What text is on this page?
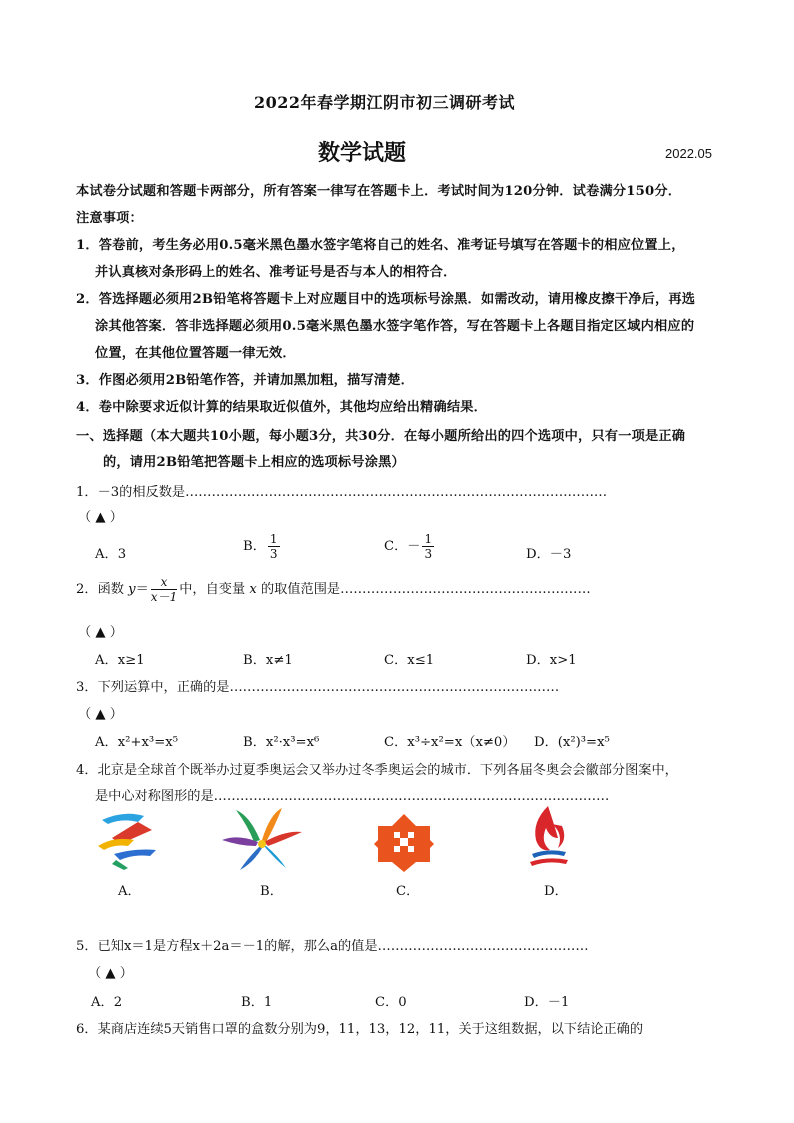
2022年春学期江阴市初三调研考试
数学试题	2022.05
本试卷分试题和答题卡两部分，所有答案一律写在答题卡上．考试时间为120分钟．试卷满分150分．
注意事项：
1．答卷前，考生务必用0.5毫米黑色墨水签字笔将自己的姓名、准考证号填写在答题卡的相应位置上，
并认真核对条形码上的姓名、准考证号是否与本人的相符合．
2．答选择题必须用2B铅笔将答题卡上对应题目中的选项标号涂黑．如需改动，请用橡皮擦干净后，再选
涂其他答案．答非选择题必须用0.5毫米黑色墨水签字笔作答，写在答题卡上各题目指定区域内相应的
位置，在其他位置答题一律无效．
3．作图必须用2B铅笔作答，并请加黑加粗，描写清楚．
4．卷中除要求近似计算的结果取近似值外，其他均应给出精确结果．
一、选择题（本大题共10小题，每小题3分，共30分．在每小题所给出的四个选项中，只有一项是正确
的，请用2B铅笔把答题卡上相应的选项标号涂黑）
1．－3的相反数是……………………………………………………………………………………
（ ▲ ）
A．3
B． $\frac{1}{3}$	C．－ $\frac{1}{3}$	D．－3
2．函数 $y= \frac{x}{x-1}$ 中，自变量 x 的取值范围是…………………………………………………
（ ▲ ）
A．x≥1	B．x≠1	C．x≤1	D．x>1
3．下列运算中，正确的是…………………………………………………………………
（ ▲ ）
A．x²+x³=x⁵	B．x²·x³=x⁶	C．x³÷x²=x（x≠0） D．(x²)³=x⁵
4．北京是全球首个既举办过夏季奥运会又举办过冬季奥运会的城市．下列各届冬奥会会徽部分图案中，
是中心对称图形的是………………………………………………………………………………
A．	B．	C．	D．
5．已知x＝1是方程x＋2a＝－1的解，那么a的值是…………………………………………
（ ▲ ）
A．2	B．1	C．0	D．－1
6．某商店连续5天销售口罩的盒数分别为9，11，13，12，11，关于这组数据，以下结论正确的
